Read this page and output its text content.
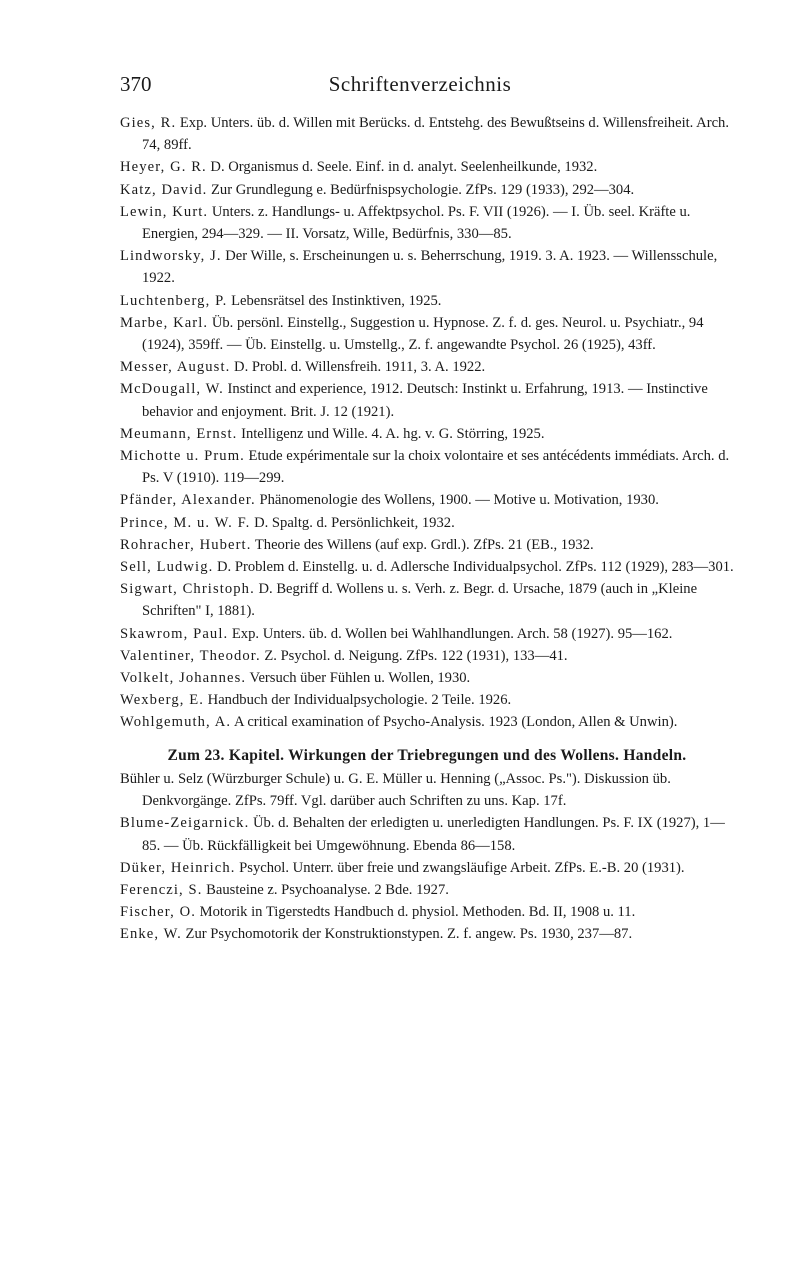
370	Schriftenverzeichnis

Gies, R. Exp. Unters. üb. d. Willen mit Berücks. d. Entstehg. des Bewußtseins d. Willensfreiheit. Arch. 74, 89ff.

Heyer, G. R. D. Organismus d. Seele. Einf. in d. analyt. Seelenheilkunde, 1932.

Katz, David. Zur Grundlegung e. Bedürfnispsychologie. ZfPs. 129 (1933), 292—304.

Lewin, Kurt. Unters. z. Handlungs- u. Affektpsychol. Ps. F. VII (1926). — I. Üb. seel. Kräfte u. Energien, 294—329. — II. Vorsatz, Wille, Bedürfnis, 330—85.

Lindworsky, J. Der Wille, s. Erscheinungen u. s. Beherrschung, 1919. 3. A. 1923. — Willensschule, 1922.

Luchtenberg, P. Lebensrätsel des Instinktiven, 1925.

Marbe, Karl. Üb. persönl. Einstellg., Suggestion u. Hypnose. Z. f. d. ges. Neurol. u. Psychiatr., 94 (1924), 359ff. — Üb. Einstellg. u. Umstellg., Z. f. angewandte Psychol. 26 (1925), 43ff.

Messer, August. D. Probl. d. Willensfreih. 1911, 3. A. 1922.

McDougall, W. Instinct and experience, 1912. Deutsch: Instinkt u. Erfahrung, 1913. — Instinctive behavior and enjoyment. Brit. J. 12 (1921).

Meumann, Ernst. Intelligenz und Wille. 4. A. hg. v. G. Störring, 1925.

Michotte u. Prum. Etude expérimentale sur la choix volontaire et ses antécédents immédiats. Arch. d. Ps. V (1910). 119—299.

Pfänder, Alexander. Phänomenologie des Wollens, 1900. — Motive u. Motivation, 1930.

Prince, M. u. W. F. D. Spaltg. d. Persönlichkeit, 1932.

Rohracher, Hubert. Theorie des Willens (auf exp. Grdl.). ZfPs. 21 (EB., 1932.

Sell, Ludwig. D. Problem d. Einstellg. u. d. Adlersche Individualpsychol. ZfPs. 112 (1929), 283—301.

Sigwart, Christoph. D. Begriff d. Wollens u. s. Verh. z. Begr. d. Ursache, 1879 (auch in „Kleine Schriften" I, 1881).

Skawrom, Paul. Exp. Unters. üb. d. Wollen bei Wahlhandlungen. Arch. 58 (1927). 95—162.

Valentiner, Theodor. Z. Psychol. d. Neigung. ZfPs. 122 (1931), 133—41.

Volkelt, Johannes. Versuch über Fühlen u. Wollen, 1930.

Wexberg, E. Handbuch der Individualpsychologie. 2 Teile. 1926.

Wohlgemuth, A. A critical examination of Psycho-Analysis. 1923 (London, Allen & Unwin).

Zum 23. Kapitel. Wirkungen der Triebregungen und des Wollens. Handeln.

Bühler u. Selz (Würzburger Schule) u. G. E. Müller u. Henning („Assoc. Ps."). Diskussion üb. Denkvorgänge. ZfPs. 79ff. Vgl. darüber auch Schriften zu uns. Kap. 17f.

Blume-Zeigarnick. Üb. d. Behalten der erledigten u. unerledigten Handlungen. Ps. F. IX (1927), 1—85. — Üb. Rückfälligkeit bei Umgewöhnung. Ebenda 86—158.

Düker, Heinrich. Psychol. Unterr. über freie und zwangsläufige Arbeit. ZfPs. E.-B. 20 (1931).

Ferenczi, S. Bausteine z. Psychoanalyse. 2 Bde. 1927.

Fischer, O. Motorik in Tigerstedts Handbuch d. physiol. Methoden. Bd. II, 1908 u. 11.

Enke, W. Zur Psychomotorik der Konstruktionstypen. Z. f. angew. Ps. 1930, 237—87.
